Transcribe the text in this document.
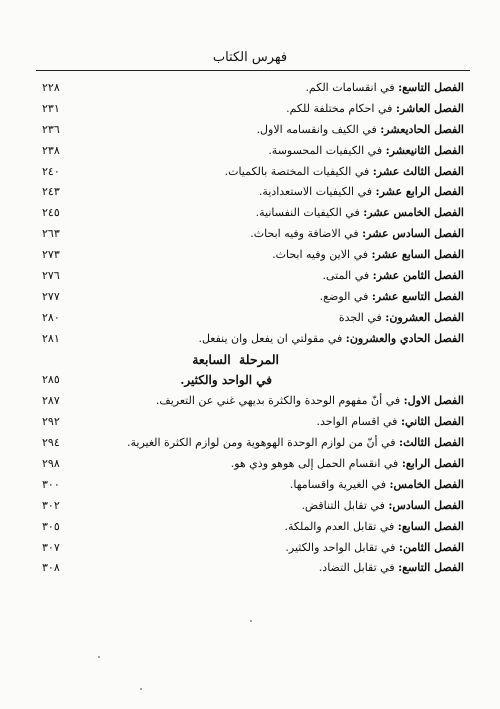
فهرس الكتاب
الفصل التاسع: في انقسامات الكم.
٢٢٨
الفصل العاشر: في احكام مختلفة للكم.
٢٣١
الفصل الحاديعشر: في الكيف وانقسامه الاول.
٢٣٦
الفصل الثانيعشر: في الكيفيات المحسوسة.
٢٣٨
الفصل الثالث عشر: في الكيفيات المختصة بالكميات.
٢٤٠
الفصل الرابع عشر: في الكيفيات الاستعدادية.
٢٤٣
الفصل الخامس عشر: في الكيفيات النفسانية.
٢٤٥
الفصل السادس عشر: في الاضافة وفيه ابحاث.
٢٦٣
الفصل السابع عشر: في الاين وفيه ابحاث.
٢٧٣
الفصل الثامن عشر: في المتى.
٢٧٦
الفصل التاسع عشر: في الوضع.
٢٧٧
الفصل العشرون: في الجدة
٢٨٠
الفصل الحادي والعشرون: في مقولتي ان يفعل وان ينفعل.
٢٨١
المرحلة السابعة
في الواحد والكثير.
٢٨٥
الفصل الاول: في أنّ مفهوم الوحدة والكثرة بديهي غني عن التعريف.
٢٨٧
الفصل الثاني: في اقسام الواحد.
٢٩٢
الفصل الثالث: في أنّ من لوازم الوحدة الهوهوية ومن لوازم الكثرة الغيرية.
٢٩٤
الفصل الرابع: في انقسام الحمل إلى هوهو وذي هو.
٢٩٨
الفصل الخامس: في الغيرية واقسامها.
٣٠٠
الفصل السادس: في تقابل التناقض.
٣٠٢
الفصل السابع: في تقابل العدم والملكة.
٣٠٥
الفصل الثامن: في تقابل الواحد والكثير.
٣٠٧
الفصل التاسع: في تقابل التضاد.
٣٠٨
